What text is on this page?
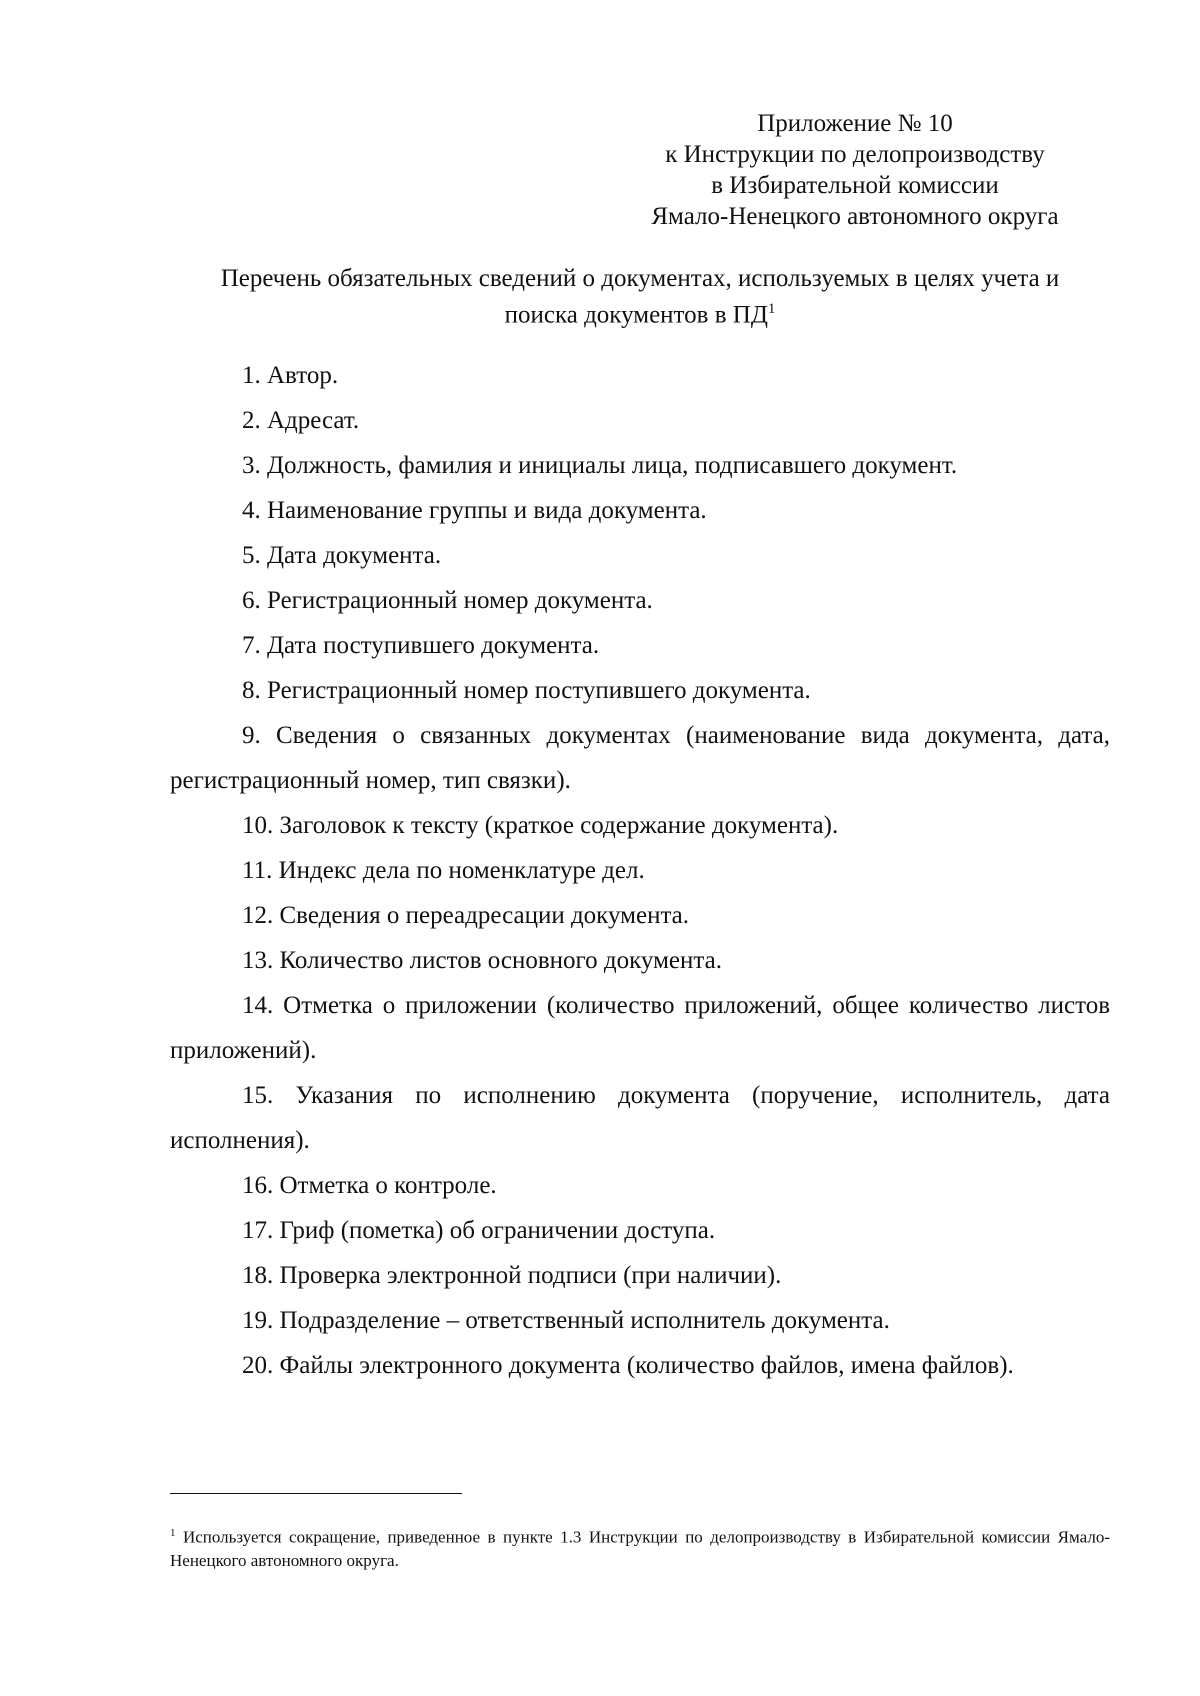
Приложение № 10
к Инструкции по делопроизводству
в Избирательной комиссии
Ямало-Ненецкого автономного округа
Перечень обязательных сведений о документах, используемых в целях учета и
поиска документов в $ПД^1$

1. Автор.

2. Адресат.

3. Должность, фамилия и инициалы лица, подписавшего документ.

4. Наименование группы и вида документа.

5. Дата документа.

6. Регистрационный номер документа.

7. Дата поступившего документа.

8. Регистрационный номер поступившего документа.

9. Сведения о связанных документах (наименование вида документа, дата, регистрационный номер, тип связки).

10. Заголовок к тексту (краткое содержание документа).

11. Индекс дела по номенклатуре дел.

12. Сведения о переадресации документа.

13. Количество листов основного документа.

14. Отметка о приложении (количество приложений, общее количество листов приложений).

15. Указания по исполнению документа (поручение, исполнитель, дата исполнения).

16. Отметка о контроле.

17. Гриф (пометка) об ограничении доступа.

18. Проверка электронной подписи (при наличии).

19. Подразделение – ответственный исполнитель документа.

20. Файлы электронного документа (количество файлов, имена файлов).

$^1$ Используется сокращение, приведенное в пункте 1.3 Инструкции по делопроизводству в Избирательной комиссии Ямало-Ненецкого автономного округа.
